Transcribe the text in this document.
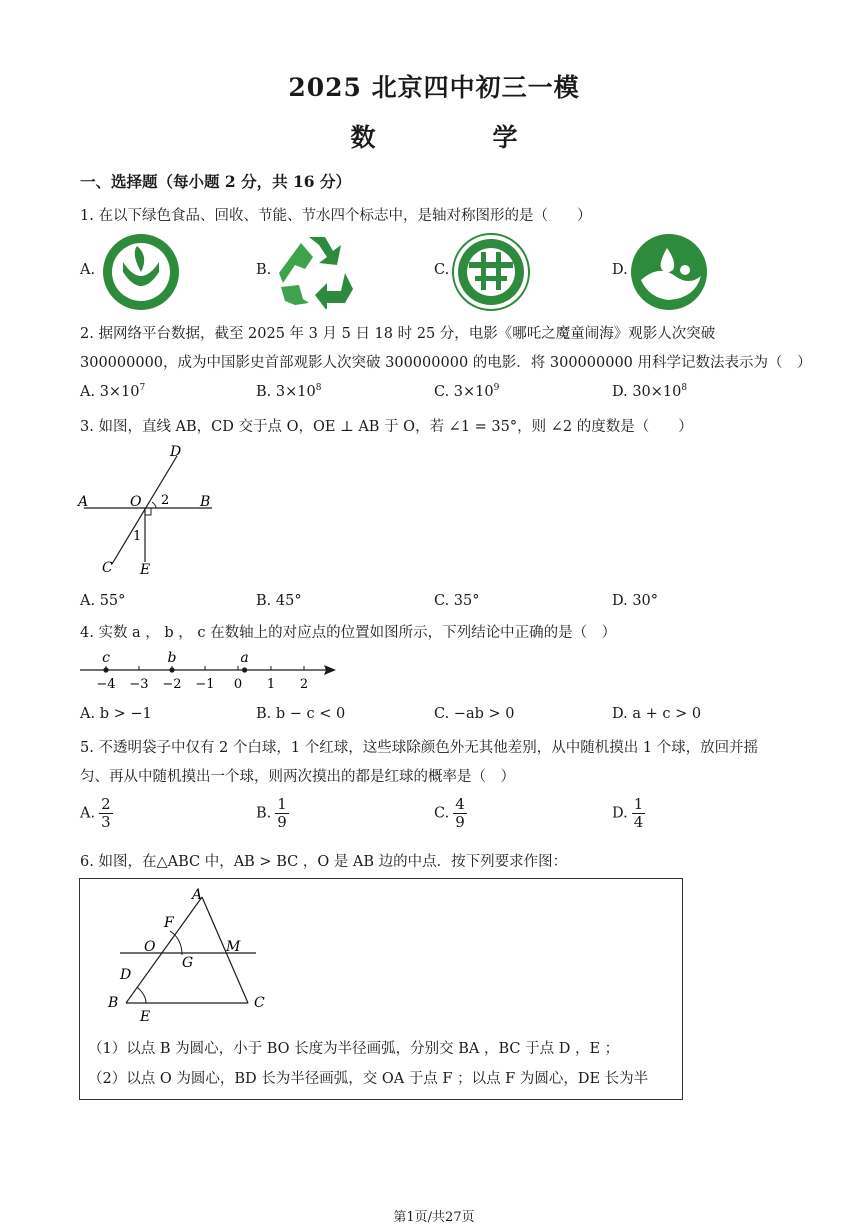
2025 北京四中初三一模
数　学
一、选择题（每小题 2 分，共 16 分）
1. 在以下绿色食品、回收、节能、节水四个标志中，是轴对称图形的是（　　）
A.	B.	C.	D.
2. 据网络平台数据，截至 2025 年 3 月 5 日 18 时 25 分，电影《哪吒之魔童闹海》观影人次突破
300000000，成为中国影史首部观影人次突破 300000000 的电影．将 300000000 用科学记数法表示为（　）
A. $3\times 10^7$	B. $3\times 10^8$	C. $3\times 10^9$	D. $30\times 10^8$
3. 如图，直线 AB，CD 交于点 O，OE ⊥ AB 于 O，若 ∠1 = 35°，则 ∠2 的度数是（　　）
A	B
C
D
O
E
1
2
A. 55°	B. 45°	C. 35°	D. 30°
4. 实数 a ， b ， c 在数轴上的对应点的位置如图所示，下列结论中正确的是（　）
−4 −3 −2 −1 0 1 2
c	b	a
A. b > −1	B. b − c < 0	C. −ab > 0	D. a + c > 0
5. 不透明袋子中仅有 2 个白球，1 个红球，这些球除颜色外无其他差别，从中随机摸出 1 个球，放回并摇
匀、再从中随机摸出一个球，则两次摸出的都是红球的概率是（　）
A. $\frac{2}{3}$	B. $\frac{1}{9}$	C. $\frac{4}{9}$	D. $\frac{1}{4}$
6. 如图，在△ABC 中，AB > BC ，O 是 AB 边的中点．按下列要求作图：
A
B	C
D
E
F
G
M
O
（1）以点 B 为圆心，小于 BO 长度为半径画弧，分别交 BA ，BC 于点 D ，E ；
（2）以点 O 为圆心，BD 长为半径画弧，交 OA 于点 F ；以点 F 为圆心，DE 长为半
第1页/共27页
